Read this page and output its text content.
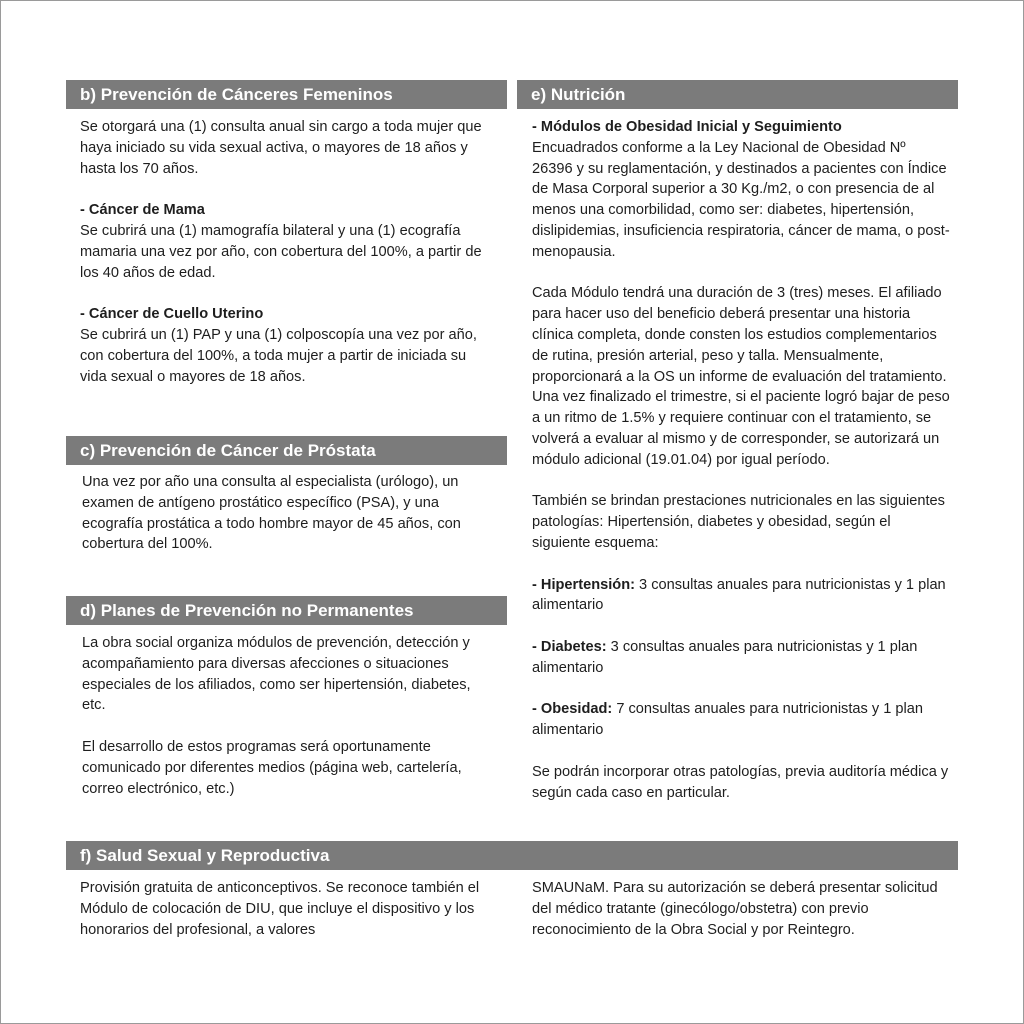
b) Prevención de Cánceres Femeninos

Se otorgará una (1) consulta anual sin cargo a toda mujer que haya iniciado su vida sexual activa, o mayores de 18 años y hasta los 70 años.

- Cáncer de Mama

Se cubrirá una (1) mamografía bilateral y una (1) ecografía mamaria una vez por año, con cobertura del 100%, a partir de los 40 años de edad.

- Cáncer de Cuello Uterino

Se cubrirá un (1) PAP y una (1) colposcopía una vez por año, con cobertura del 100%, a toda mujer a partir de iniciada su vida sexual o mayores de 18 años.

c) Prevención de Cáncer de Próstata

Una vez por año una consulta al especialista (urólogo), un examen de antígeno prostático específico (PSA), y una ecografía prostática a todo hombre mayor de 45 años, con cobertura del 100%.

d) Planes de Prevención no Permanentes

La obra social organiza módulos de prevención, detección y acompañamiento para diversas afecciones o situaciones especiales de los afiliados, como ser hipertensión, diabetes, etc.

El desarrollo de estos programas será oportunamente comunicado por diferentes medios (página web, cartelería, correo electrónico, etc.)

e) Nutrición

- Módulos de Obesidad Inicial y Seguimiento

Encuadrados conforme a la Ley Nacional de Obesidad Nº 26396 y su reglamentación, y destinados a pacientes con Índice de Masa Corporal superior a 30 Kg./m2, o con presencia de al menos una comorbilidad, como ser: diabetes, hipertensión, dislipidemias, insuficiencia respiratoria, cáncer de mama, o post-menopausia.

Cada Módulo tendrá una duración de 3 (tres) meses. El afiliado para hacer uso del beneficio deberá presentar una historia clínica completa, donde consten los estudios complementarios de rutina, presión arterial, peso y talla. Mensualmente, proporcionará a la OS un informe de evaluación del tratamiento. Una vez finalizado el trimestre, si el paciente logró bajar de peso a un ritmo de 1.5% y requiere continuar con el tratamiento, se volverá a evaluar al mismo y de corresponder, se autorizará un módulo adicional (19.01.04) por igual período.

También se brindan prestaciones nutricionales en las siguientes patologías: Hipertensión, diabetes y obesidad, según el siguiente esquema:

- Hipertensión: 3 consultas anuales para nutricionistas y 1 plan alimentario

- Diabetes: 3 consultas anuales para nutricionistas y 1 plan alimentario

- Obesidad: 7 consultas anuales para nutricionistas y 1 plan alimentario

Se podrán incorporar otras patologías, previa auditoría médica y según cada caso en particular.

f) Salud Sexual y Reproductiva

Provisión gratuita de anticonceptivos. Se reconoce también el Módulo de colocación de DIU, que incluye el dispositivo y los honorarios del profesional, a valores

SMAUNaM. Para su autorización se deberá presentar solicitud del médico tratante (ginecólogo/obstetra) con previo reconocimiento de la Obra Social y por Reintegro.
